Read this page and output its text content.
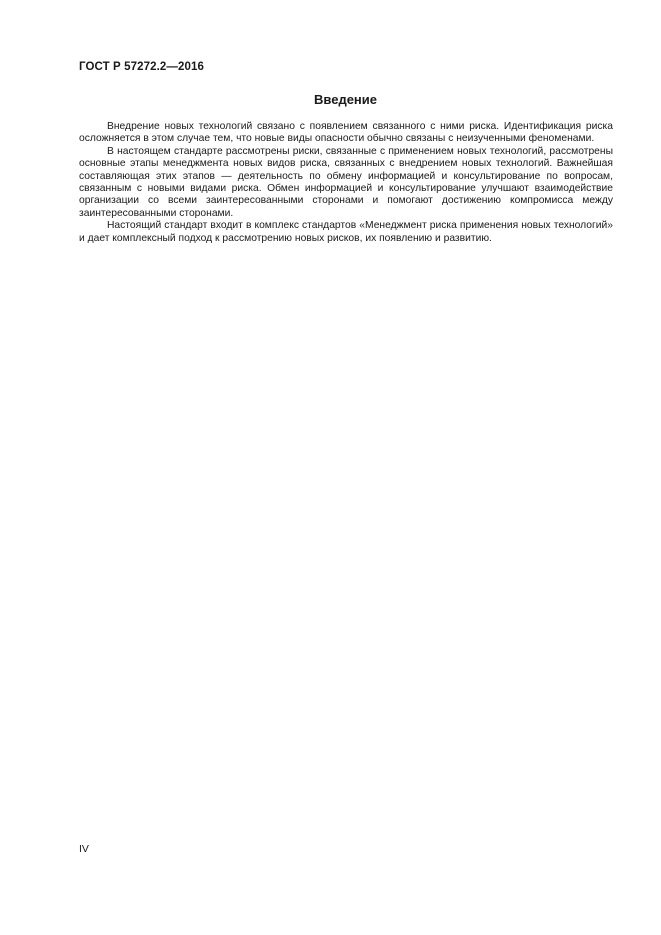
ГОСТ Р 57272.2—2016
Введение

Внедрение новых технологий связано с появлением связанного с ними риска. Идентификация риска осложняется в этом случае тем, что новые виды опасности обычно связаны с неизученными феноменами.

В настоящем стандарте рассмотрены риски, связанные с применением новых технологий, рассмотрены основные этапы менеджмента новых видов риска, связанных с внедрением новых технологий. Важнейшая составляющая этих этапов — деятельность по обмену информацией и консультирование по вопросам, связанным с новыми видами риска. Обмен информацией и консультирование улучшают взаимодействие организации со всеми заинтересованными сторонами и помогают достижению компромисса между заинтересованными сторонами.

Настоящий стандарт входит в комплекс стандартов «Менеджмент риска применения новых технологий» и дает комплексный подход к рассмотрению новых рисков, их появлению и развитию.

IV
